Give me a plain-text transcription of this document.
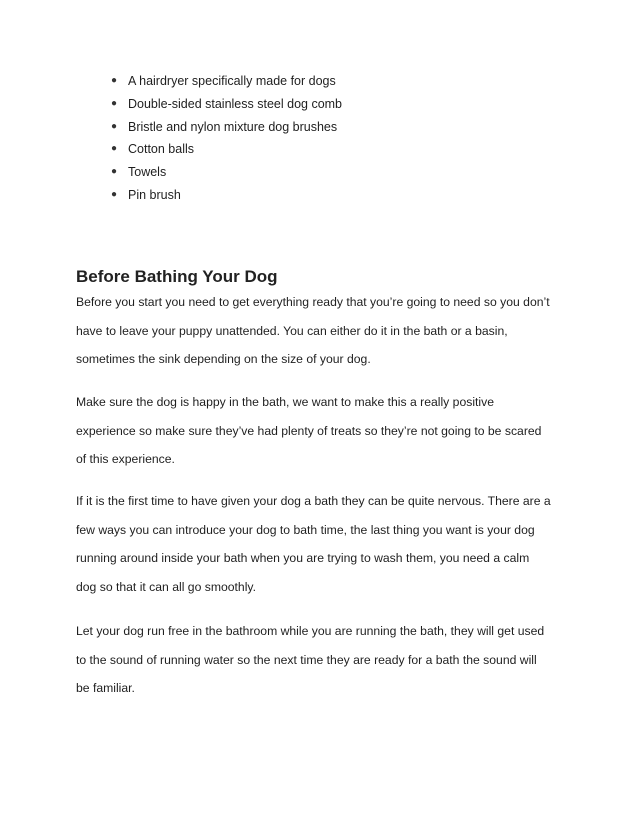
● A hairdryer specifically made for dogs
● Double-sided stainless steel dog comb
● Bristle and nylon mixture dog brushes
● Cotton balls
● Towels
● Pin brush
Before Bathing Your Dog

Before you start you need to get everything ready that you’re going to need so you don’t
have to leave your puppy unattended. You can either do it in the bath or a basin,
sometimes the sink depending on the size of your dog.

Make sure the dog is happy in the bath, we want to make this a really positive
experience so make sure they’ve had plenty of treats so they’re not going to be scared
of this experience.

If it is the first time to have given your dog a bath they can be quite nervous. There are a
few ways you can introduce your dog to bath time, the last thing you want is your dog
running around inside your bath when you are trying to wash them, you need a calm
dog so that it can all go smoothly.

Let your dog run free in the bathroom while you are running the bath, they will get used
to the sound of running water so the next time they are ready for a bath the sound will
be familiar.
